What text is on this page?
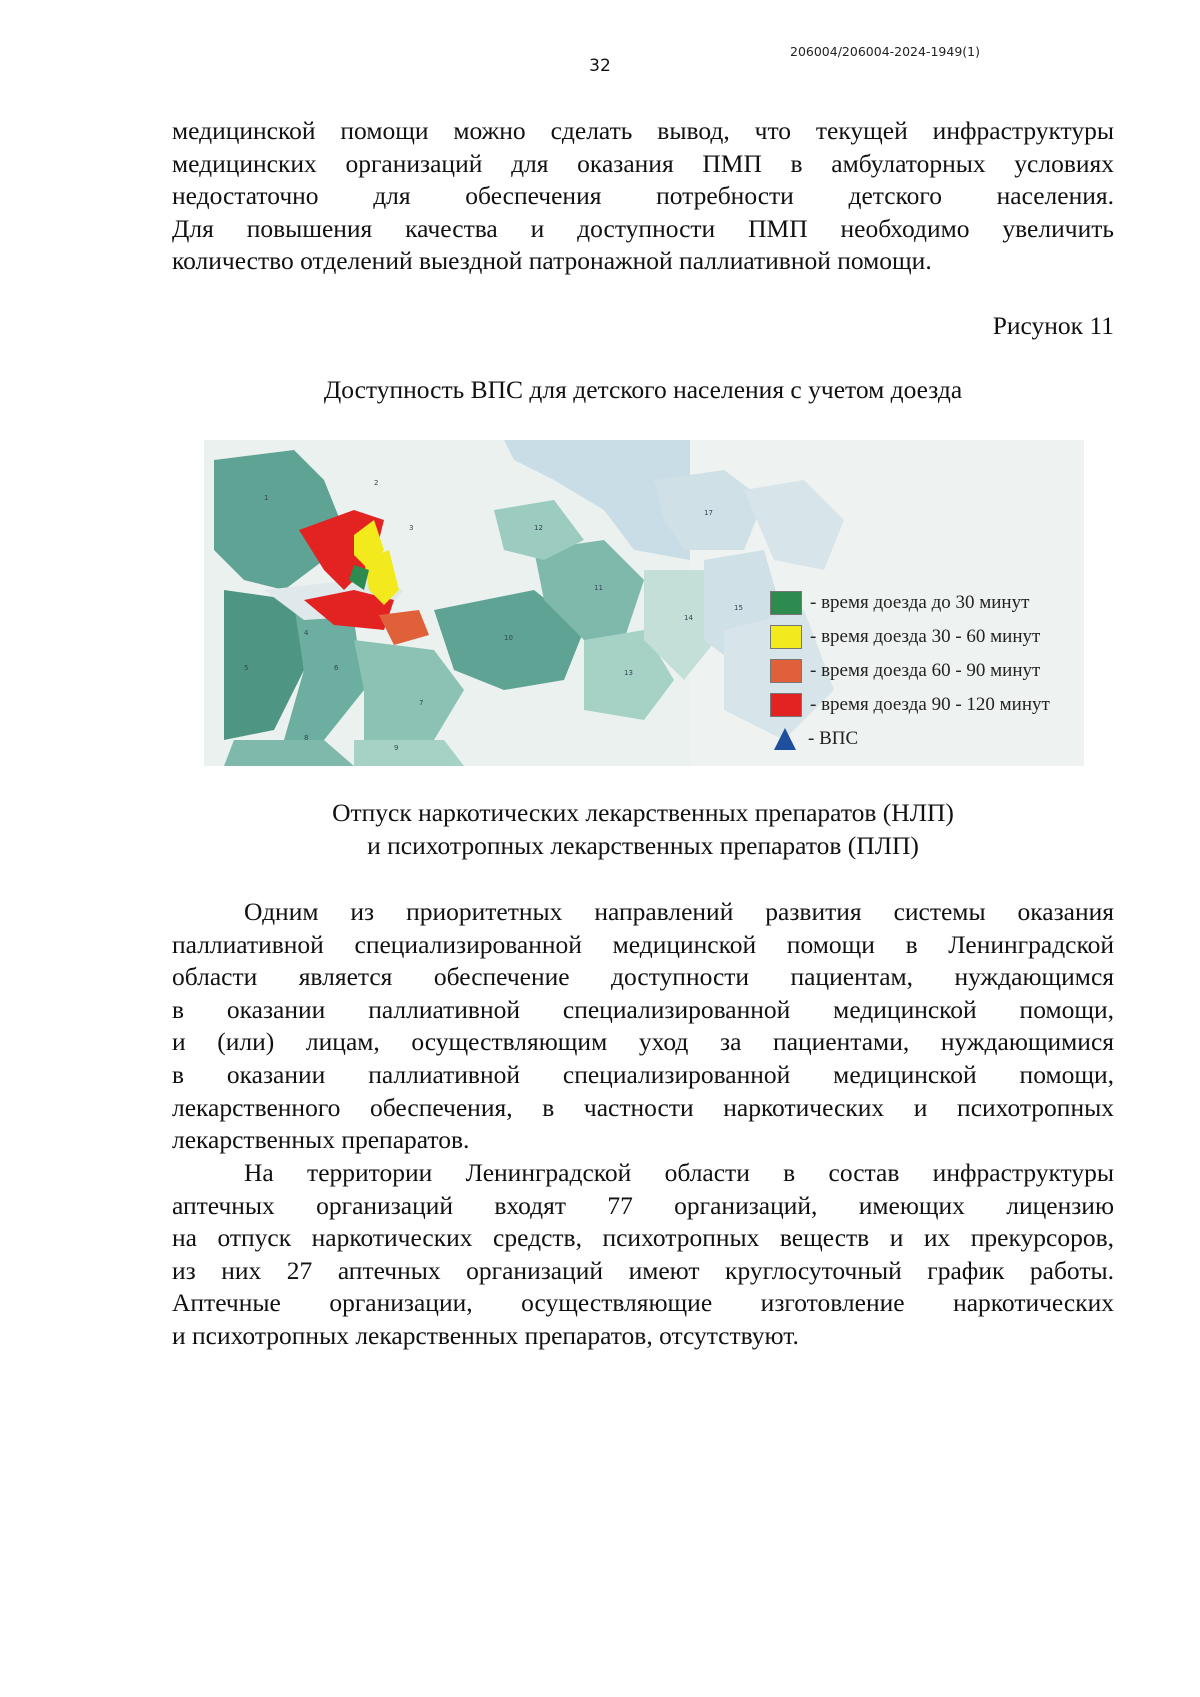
206004/206004-2024-1949(1)
32
медицинской помощи можно сделать вывод, что текущей инфраструктуры
медицинских организаций для оказания ПМП в амбулаторных условиях
недостаточно для обеспечения потребности детского населения.
Для повышения качества и доступности ПМП необходимо увеличить
количество отделений выездной патронажной паллиативной помощи.
Рисунок 11
Доступность ВПС для детского населения с учетом доезда
1
2
3
4
5	6
7
8
9
10
11
12
13
14
15
17
- время доезда до 30 минут
- время доезда 30 - 60 минут
- время доезда 60 - 90 минут
- время доезда 90 - 120 минут
- ВПС
Отпуск наркотических лекарственных препаратов (НЛП)
и психотропных лекарственных препаратов (ПЛП)
Одним из приоритетных направлений развития системы оказания
паллиативной специализированной медицинской помощи в Ленинградской
области является обеспечение доступности пациентам, нуждающимся
в оказании паллиативной специализированной медицинской помощи,
и (или) лицам, осуществляющим уход за пациентами, нуждающимися
в оказании паллиативной специализированной медицинской помощи,
лекарственного обеспечения, в частности наркотических и психотропных
лекарственных препаратов.
На территории Ленинградской области в состав инфраструктуры
аптечных организаций входят 77 организаций, имеющих лицензию
на отпуск наркотических средств, психотропных веществ и их прекурсоров,
из них 27 аптечных организаций имеют круглосуточный график работы.
Аптечные организации, осуществляющие изготовление наркотических
и психотропных лекарственных препаратов, отсутствуют.
